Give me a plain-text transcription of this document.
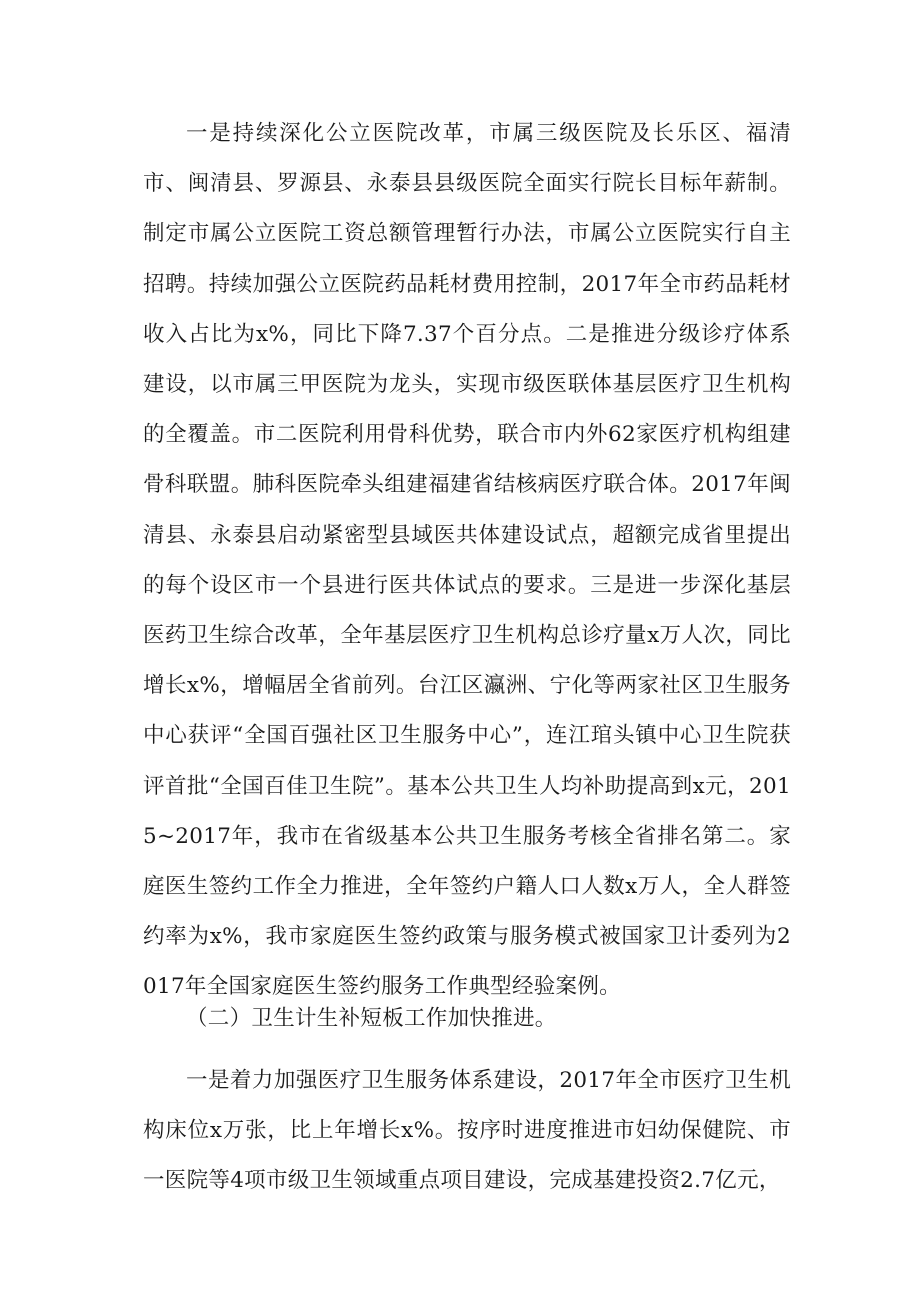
一是持续深化公立医院改革，市属三级医院及长乐区、福清市、闽清县、罗源县、永泰县县级医院全面实行院长目标年薪制。制定市属公立医院工资总额管理暂行办法，市属公立医院实行自主招聘。持续加强公立医院药品耗材费用控制，2017年全市药品耗材收入占比为x%，同比下降7.37个百分点。二是推进分级诊疗体系建设，以市属三甲医院为龙头，实现市级医联体基层医疗卫生机构的全覆盖。市二医院利用骨科优势，联合市内外62家医疗机构组建骨科联盟。肺科医院牵头组建福建省结核病医疗联合体。2017年闽清县、永泰县启动紧密型县域医共体建设试点，超额完成省里提出的每个设区市一个县进行医共体试点的要求。三是进一步深化基层医药卫生综合改革，全年基层医疗卫生机构总诊疗量x万人次，同比增长x%，增幅居全省前列。台江区瀛洲、宁化等两家社区卫生服务中心获评“全国百强社区卫生服务中心”，连江琯头镇中心卫生院获评首批“全国百佳卫生院”。基本公共卫生人均补助提高到x元，2015~2017年，我市在省级基本公共卫生服务考核全省排名第二。家庭医生签约工作全力推进，全年签约户籍人口人数x万人，全人群签约率为x%，我市家庭医生签约政策与服务模式被国家卫计委列为2017年全国家庭医生签约服务工作典型经验案例。

（二）卫生计生补短板工作加快推进。

一是着力加强医疗卫生服务体系建设，2017年全市医疗卫生机构床位x万张，比上年增长x%。按序时进度推进市妇幼保健院、市一医院等4项市级卫生领域重点项目建设，完成基建投资2.7亿元，
